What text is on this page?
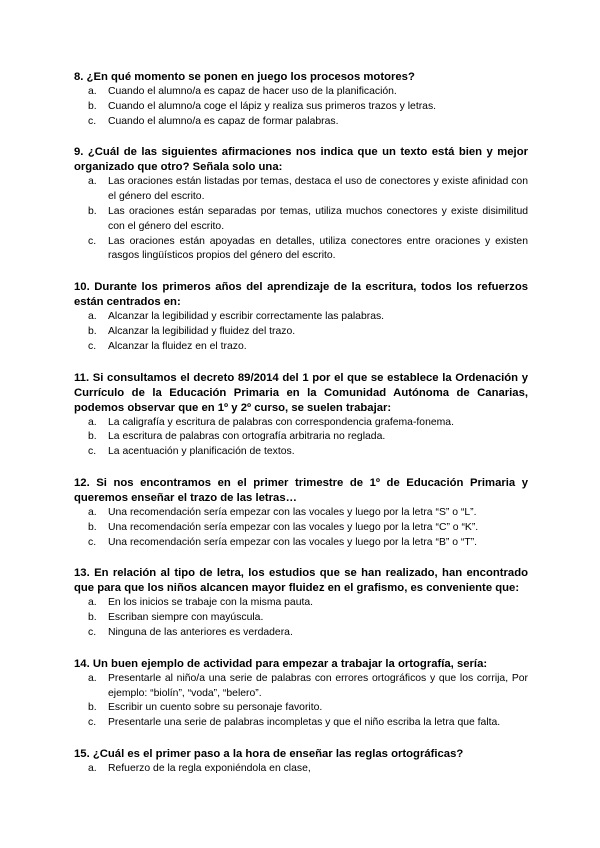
8. ¿En qué momento se ponen en juego los procesos motores?

a. Cuando el alumno/a es capaz de hacer uso de la planificación.
b. Cuando el alumno/a coge el lápiz y realiza sus primeros trazos y letras.
c. Cuando el alumno/a es capaz de formar palabras.

9. ¿Cuál de las siguientes afirmaciones nos indica que un texto está bien y mejor organizado que otro? Señala solo una:

a. Las oraciones están listadas por temas, destaca el uso de conectores y existe afinidad con el género del escrito.
b. Las oraciones están separadas por temas, utiliza muchos conectores y existe disimilitud con el género del escrito.
c. Las oraciones están apoyadas en detalles, utiliza conectores entre oraciones y existen rasgos lingüísticos propios del género del escrito.

10. Durante los primeros años del aprendizaje de la escritura, todos los refuerzos están centrados en:

a. Alcanzar la legibilidad y escribir correctamente las palabras.
b. Alcanzar la legibilidad y fluidez del trazo.
c. Alcanzar la fluidez en el trazo.

11. Si consultamos el decreto 89/2014 del 1 por el que se establece la Ordenación y Currículo de la Educación Primaria en la Comunidad Autónoma de Canarias, podemos observar que en 1º y 2º curso, se suelen trabajar:

a. La caligrafía y escritura de palabras con correspondencia grafema-fonema.
b. La escritura de palabras con ortografía arbitraria no reglada.
c. La acentuación y planificación de textos.

12. Si nos encontramos en el primer trimestre de 1º de Educación Primaria y queremos enseñar el trazo de las letras…

a. Una recomendación sería empezar con las vocales y luego por la letra “S” o “L”.
b. Una recomendación sería empezar con las vocales y luego por la letra “C” o “K”.
c. Una recomendación sería empezar con las vocales y luego por la letra “B” o “T”.

13. En relación al tipo de letra, los estudios que se han realizado, han encontrado que para que los niños alcancen mayor fluidez en el grafismo, es conveniente que:

a. En los inicios se trabaje con la misma pauta.
b. Escriban siempre con mayúscula.
c. Ninguna de las anteriores es verdadera.

14. Un buen ejemplo de actividad para empezar a trabajar la ortografía, sería:

a. Presentarle al niño/a una serie de palabras con errores ortográficos y que los corrija, Por ejemplo: “biolín”, “voda”, “belero”.
b. Escribir un cuento sobre su personaje favorito.
c. Presentarle una serie de palabras incompletas y que el niño escriba la letra que falta.

15. ¿Cuál es el primer paso a la hora de enseñar las reglas ortográficas?

a. Refuerzo de la regla exponiéndola en clase,
